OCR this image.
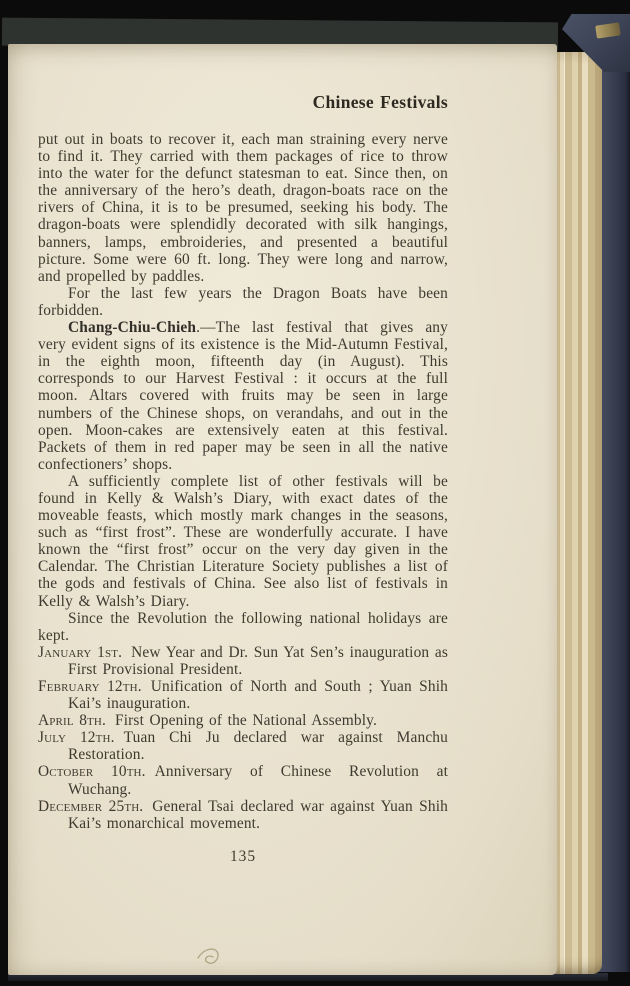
Chinese Festivals

put out in boats to recover it, each man straining every nerve to find it. They carried with them packages of rice to throw into the water for the defunct statesman to eat. Since then, on the anniversary of the hero’s death, dragon-boats race on the rivers of China, it is to be presumed, seeking his body. The dragon-boats were splendidly decorated with silk hangings, banners, lamps, embroideries, and presented a beautiful picture. Some were 60 ft. long. They were long and narrow, and propelled by paddles.

For the last few years the Dragon Boats have been forbidden.

Chang-Chiu-Chieh.—The last festival that gives any very evident signs of its existence is the Mid-Autumn Festival, in the eighth moon, fifteenth day (in August). This corresponds to our Harvest Festival : it occurs at the full moon. Altars covered with fruits may be seen in large numbers of the Chinese shops, on verandahs, and out in the open. Moon-cakes are extensively eaten at this festival. Packets of them in red paper may be seen in all the native confectioners’ shops.

A sufficiently complete list of other festivals will be found in Kelly & Walsh’s Diary, with exact dates of the moveable feasts, which mostly mark changes in the seasons, such as “first frost”. These are wonderfully accurate. I have known the “first frost” occur on the very day given in the Calendar. The Christian Literature Society publishes a list of the gods and festivals of China. See also list of festivals in Kelly & Walsh’s Diary.

Since the Revolution the following national holidays are kept.

January 1st. New Year and Dr. Sun Yat Sen’s inauguration as First Provisional President.

February 12th. Unification of North and South ; Yuan Shih Kai’s inauguration.

April 8th. First Opening of the National Assembly.

July 12th. Tuan Chi Ju declared war against Manchu Restoration.

October 10th. Anniversary of Chinese Revolution at Wuchang.

December 25th. General Tsai declared war against Yuan Shih Kai’s monarchical movement.

135
